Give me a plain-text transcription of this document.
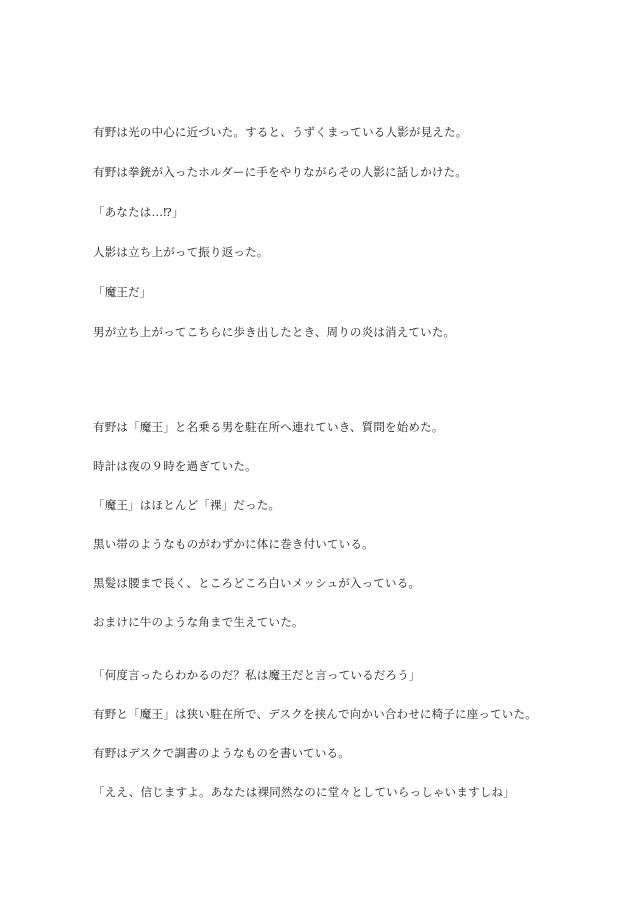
有野は光の中心に近づいた。すると、うずくまっている人影が見えた。
有野は拳銃が入ったホルダーに手をやりながらその人影に話しかけた。
「あなたは…⁉」
人影は立ち上がって振り返った。
「魔王だ」
男が立ち上がってこちらに歩き出したとき、周りの炎は消えていた。
有野は「魔王」と名乗る男を駐在所へ連れていき、質問を始めた。
時計は夜の９時を過ぎていた。
「魔王」はほとんど「裸」だった。
黒い帯のようなものがわずかに体に巻き付いている。
黒髪は腰まで長く、ところどころ白いメッシュが入っている。
おまけに牛のような角まで生えていた。
「何度言ったらわかるのだ？私は魔王だと言っているだろう」
有野と「魔王」は狭い駐在所で、デスクを挟んで向かい合わせに椅子に座っていた。
有野はデスクで調書のようなものを書いている。
「ええ、信じますよ。あなたは裸同然なのに堂々としていらっしゃいますしね」
